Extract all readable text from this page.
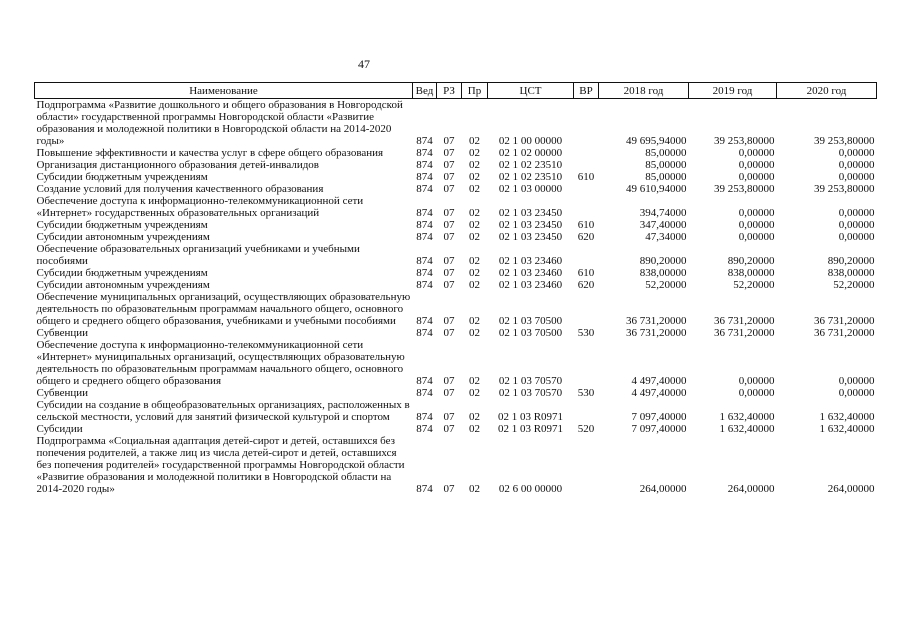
47
Наименование	Вед	РЗ	Пр	ЦСТ	ВР	2018 год	2019 год	2020 год
Подпрограмма «Развитие дошкольного и общего образования в Новгородской области» государственной программы Новгородской области «Развитие образования и молодежной политики в Новгородской области на 2014-2020 годы»	874	07	02	02 1 00 00000		49 695,94000	39 253,80000	39 253,80000
Повышение эффективности и качества услуг в сфере общего образования	874	07	02	02 1 02 00000		85,00000	0,00000	0,00000
Организация дистанционного образования детей-инвалидов	874	07	02	02 1 02 23510		85,00000	0,00000	0,00000
Субсидии бюджетным учреждениям	874	07	02	02 1 02 23510	610	85,00000	0,00000	0,00000
Создание условий для получения качественного образования	874	07	02	02 1 03 00000		49 610,94000	39 253,80000	39 253,80000
Обеспечение доступа к информационно-телекоммуникационной сети «Интернет» государственных образовательных организаций	874	07	02	02 1 03 23450		394,74000	0,00000	0,00000
Субсидии бюджетным учреждениям	874	07	02	02 1 03 23450	610	347,40000	0,00000	0,00000
Субсидии автономным учреждениям	874	07	02	02 1 03 23450	620	47,34000	0,00000	0,00000
Обеспечение образовательных организаций учебниками и учебными пособиями	874	07	02	02 1 03 23460		890,20000	890,20000	890,20000
Субсидии бюджетным учреждениям	874	07	02	02 1 03 23460	610	838,00000	838,00000	838,00000
Субсидии автономным учреждениям	874	07	02	02 1 03 23460	620	52,20000	52,20000	52,20000
Обеспечение муниципальных организаций, осуществляющих образовательную деятельность по образовательным программам начального общего, основного общего и среднего общего образования, учебниками и учебными пособиями	874	07	02	02 1 03 70500		36 731,20000	36 731,20000	36 731,20000
Субвенции	874	07	02	02 1 03 70500	530	36 731,20000	36 731,20000	36 731,20000
Обеспечение доступа к информационно-телекоммуникационной сети «Интернет» муниципальных организаций, осуществляющих образовательную деятельность по образовательным программам начального общего, основного общего и среднего общего образования	874	07	02	02 1 03 70570		4 497,40000	0,00000	0,00000
Субвенции	874	07	02	02 1 03 70570	530	4 497,40000	0,00000	0,00000
Субсидии на создание в общеобразовательных организациях, расположенных в сельской местности, условий для занятий физической культурой и спортом	874	07	02	02 1 03 R0971		7 097,40000	1 632,40000	1 632,40000
Субсидии	874	07	02	02 1 03 R0971	520	7 097,40000	1 632,40000	1 632,40000
Подпрограмма «Социальная адаптация детей-сирот и детей, оставшихся без попечения родителей, а также лиц из числа детей-сирот и детей, оставшихся без попечения родителей» государственной программы Новгородской области «Развитие образования и молодежной политики в Новгородской области на 2014-2020 годы»	874	07	02	02 6 00 00000		264,00000	264,00000	264,00000
